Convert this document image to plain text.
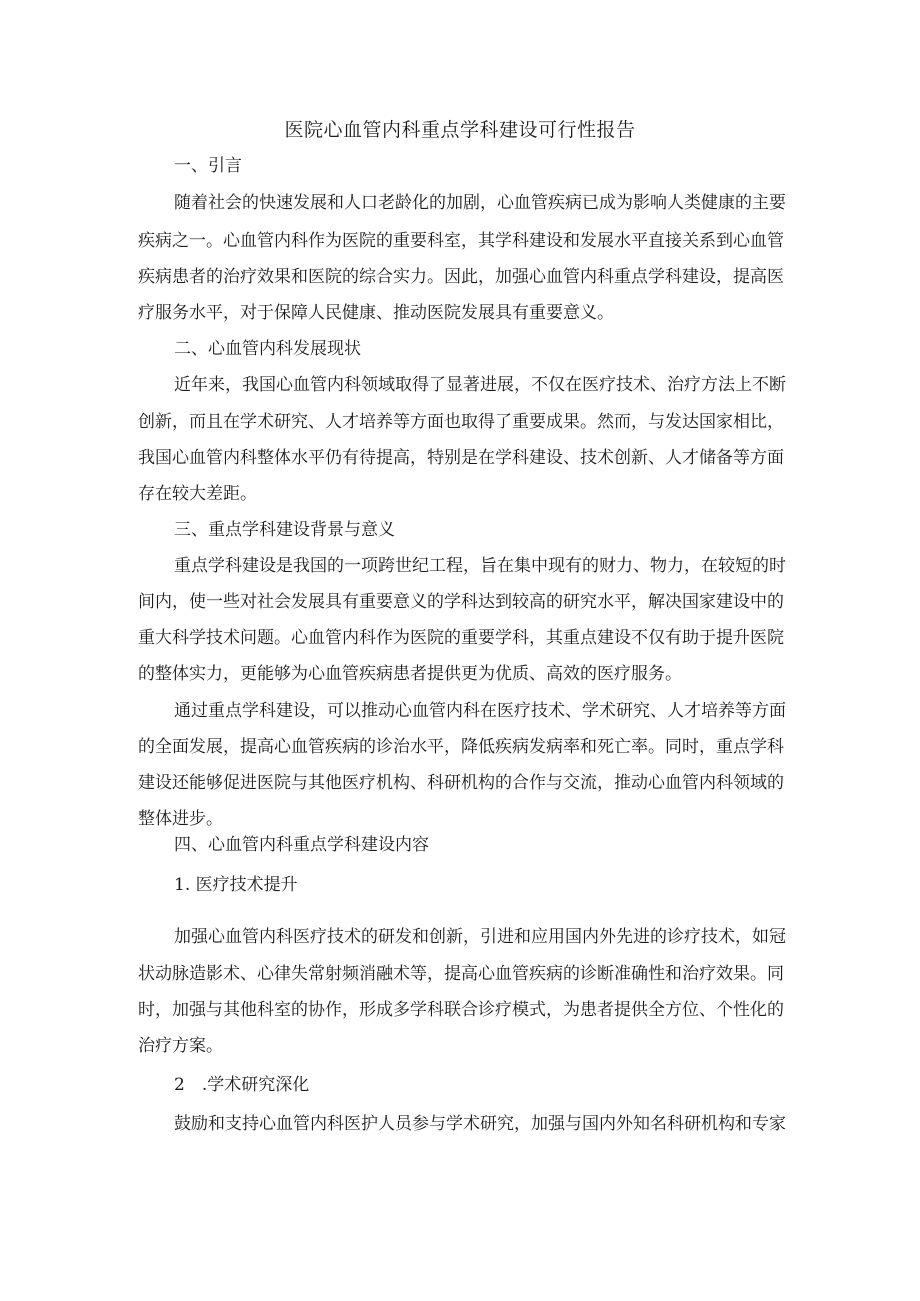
医院心血管内科重点学科建设可行性报告

一、引言

随着社会的快速发展和人口老龄化的加剧，心血管疾病已成为影响人类健康的主要

疾病之一。心血管内科作为医院的重要科室，其学科建设和发展水平直接关系到心血管

疾病患者的治疗效果和医院的综合实力。因此，加强心血管内科重点学科建设，提高医

疗服务水平，对于保障人民健康、推动医院发展具有重要意义。

二、心血管内科发展现状

近年来，我国心血管内科领域取得了显著进展，不仅在医疗技术、治疗方法上不断

创新，而且在学术研究、人才培养等方面也取得了重要成果。然而，与发达国家相比，

我国心血管内科整体水平仍有待提高，特别是在学科建设、技术创新、人才储备等方面

存在较大差距。

三、重点学科建设背景与意义

重点学科建设是我国的一项跨世纪工程，旨在集中现有的财力、物力，在较短的时

间内，使一些对社会发展具有重要意义的学科达到较高的研究水平，解决国家建设中的

重大科学技术问题。心血管内科作为医院的重要学科，其重点建设不仅有助于提升医院

的整体实力，更能够为心血管疾病患者提供更为优质、高效的医疗服务。

通过重点学科建设，可以推动心血管内科在医疗技术、学术研究、人才培养等方面

的全面发展，提高心血管疾病的诊治水平，降低疾病发病率和死亡率。同时，重点学科

建设还能够促进医院与其他医疗机构、科研机构的合作与交流，推动心血管内科领域的

整体进步。

四、心血管内科重点学科建设内容

1. 医疗技术提升

加强心血管内科医疗技术的研发和创新，引进和应用国内外先进的诊疗技术，如冠

状动脉造影术、心律失常射频消融术等，提高心血管疾病的诊断准确性和治疗效果。同

时，加强与其他科室的协作，形成多学科联合诊疗模式，为患者提供全方位、个性化的

治疗方案。

2　.学术研究深化

鼓励和支持心血管内科医护人员参与学术研究，加强与国内外知名科研机构和专家
